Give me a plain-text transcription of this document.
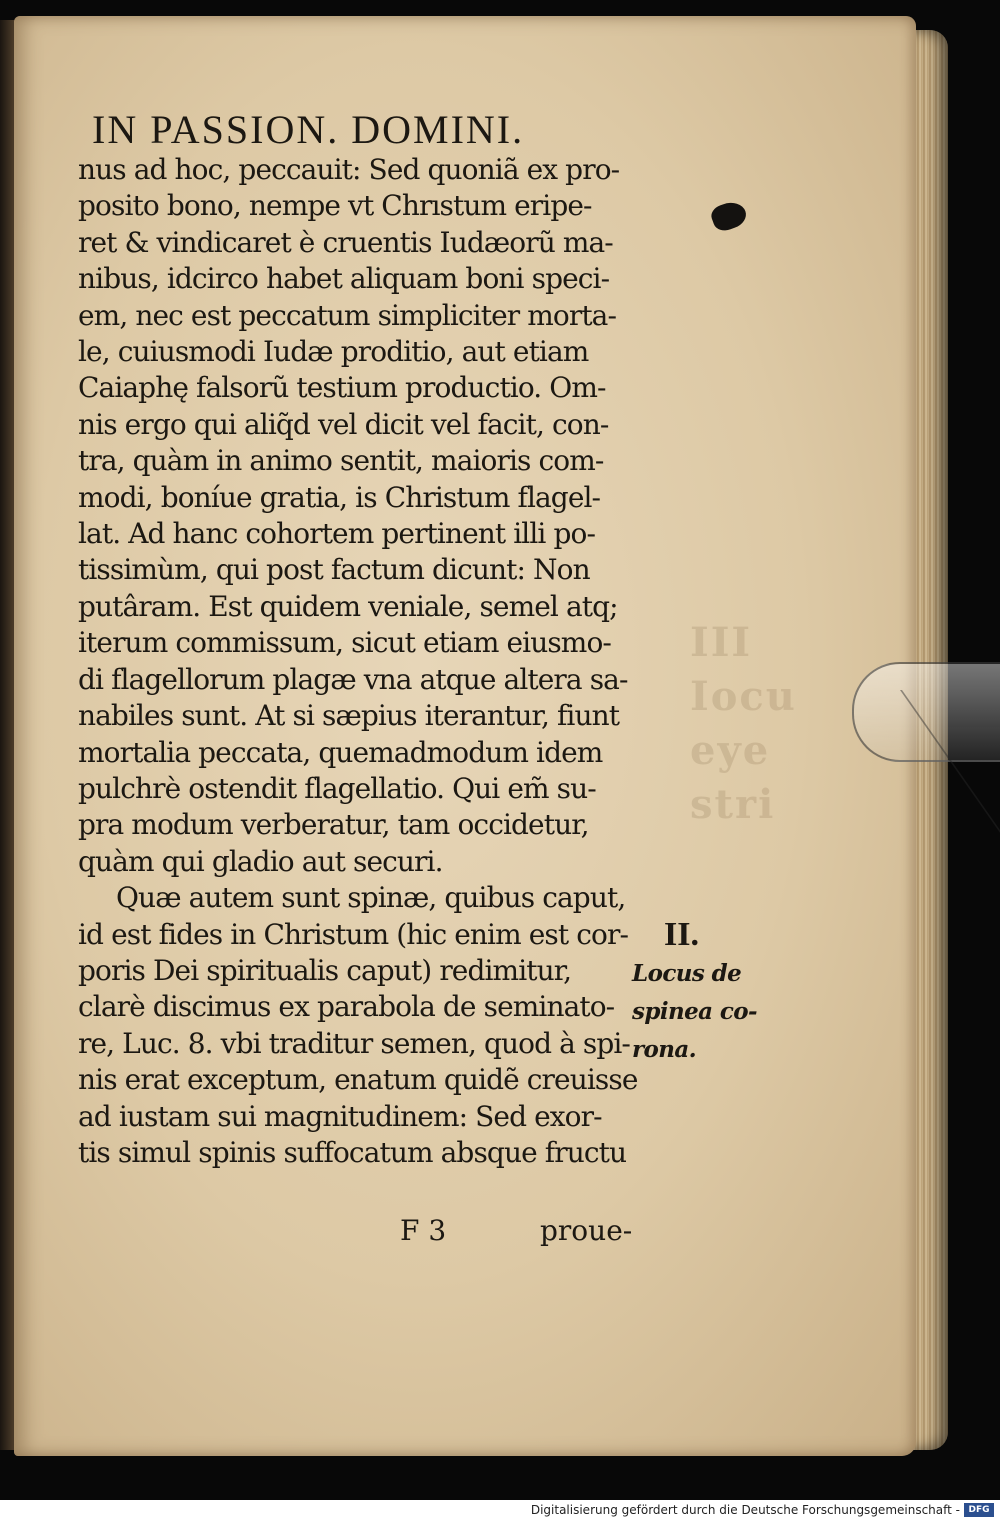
III
Iocu
eye
stri
IN PASSION. DOMINI.
nus ad hoc, peccauit: Sed quoniã ex pro-
posito bono, nempe vt Chrıstum eripe-
ret & vindicaret è cruentis Iudæorũ ma-
nibus, idcirco habet aliquam boni speci-
em, nec est peccatum simpliciter morta-
le, cuiusmodi Iudæ proditio, aut etiam
Caiaphę falsorũ testium productio. Om-
nis ergo qui aliq̃d vel dicit vel facit, con-
tra, quàm in animo sentit, maioris com-
modi, boníue gratia, is Christum flagel-
lat. Ad hanc cohortem pertinent illi po-
tissimùm, qui post factum dicunt: Non
putâram. Est quidem veniale, semel atq;
iterum commissum, sicut etiam eiusmo-
di flagellorum plagæ vna atque altera sa-
nabiles sunt. At si sæpius iterantur, fiunt
mortalia peccata, quemadmodum idem
pulchrè ostendit flagellatio. Qui em̃ su-
pra modum verberatur, tam occidetur,
quàm qui gladio aut securi.
Quæ autem sunt spinæ, quibus caput,
id est fides in Christum (hic enim est cor-
poris Dei spiritualis caput) redimitur,
clarè discimus ex parabola de seminato-
re, Luc. 8. vbi traditur semen, quod à spi-
nis erat exceptum, enatum quidẽ creuisse
ad iustam sui magnitudinem: Sed exor-
tis simul spinis suffocatum absque fructu
II.
Locus de
spinea co-
rona.
F 3	proue-
Digitalisierung gefördert durch die Deutsche Forschungsgemeinschaft - DFG
